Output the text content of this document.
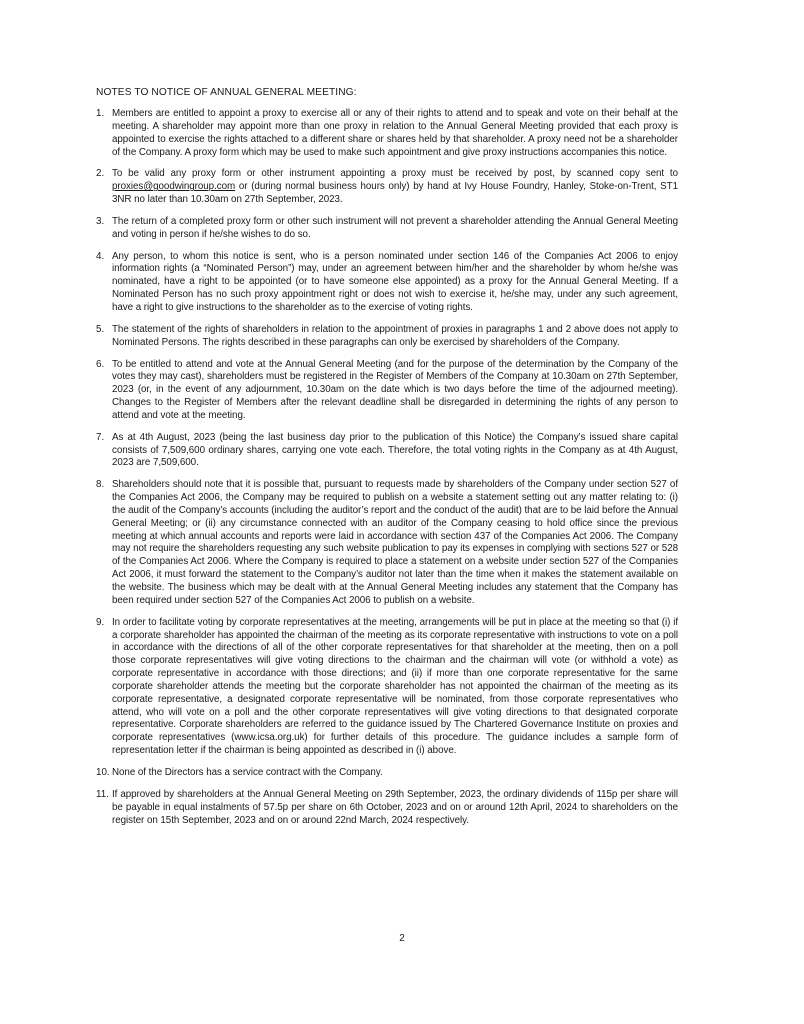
NOTES TO NOTICE OF ANNUAL GENERAL MEETING:

1. Members are entitled to appoint a proxy to exercise all or any of their rights to attend and to speak and vote on their behalf at the meeting. A shareholder may appoint more than one proxy in relation to the Annual General Meeting provided that each proxy is appointed to exercise the rights attached to a different share or shares held by that shareholder. A proxy need not be a shareholder of the Company. A proxy form which may be used to make such appointment and give proxy instructions accompanies this notice.
2. To be valid any proxy form or other instrument appointing a proxy must be received by post, by scanned copy sent to proxies@goodwingroup.com or (during normal business hours only) by hand at Ivy House Foundry, Hanley, Stoke-on-Trent, ST1 3NR no later than 10.30am on 27th September, 2023.
3. The return of a completed proxy form or other such instrument will not prevent a shareholder attending the Annual General Meeting and voting in person if he/she wishes to do so.
4. Any person, to whom this notice is sent, who is a person nominated under section 146 of the Companies Act 2006 to enjoy information rights (a “Nominated Person”) may, under an agreement between him/her and the shareholder by whom he/she was nominated, have a right to be appointed (or to have someone else appointed) as a proxy for the Annual General Meeting. If a Nominated Person has no such proxy appointment right or does not wish to exercise it, he/she may, under any such agreement, have a right to give instructions to the shareholder as to the exercise of voting rights.
5. The statement of the rights of shareholders in relation to the appointment of proxies in paragraphs 1 and 2 above does not apply to Nominated Persons. The rights described in these paragraphs can only be exercised by shareholders of the Company.
6. To be entitled to attend and vote at the Annual General Meeting (and for the purpose of the determination by the Company of the votes they may cast), shareholders must be registered in the Register of Members of the Company at 10.30am on 27th September, 2023 (or, in the event of any adjournment, 10.30am on the date which is two days before the time of the adjourned meeting). Changes to the Register of Members after the relevant deadline shall be disregarded in determining the rights of any person to attend and vote at the meeting.
7. As at 4th August, 2023 (being the last business day prior to the publication of this Notice) the Company’s issued share capital consists of 7,509,600 ordinary shares, carrying one vote each. Therefore, the total voting rights in the Company as at 4th August, 2023 are 7,509,600.
8. Shareholders should note that it is possible that, pursuant to requests made by shareholders of the Company under section 527 of the Companies Act 2006, the Company may be required to publish on a website a statement setting out any matter relating to: (i) the audit of the Company’s accounts (including the auditor’s report and the conduct of the audit) that are to be laid before the Annual General Meeting; or (ii) any circumstance connected with an auditor of the Company ceasing to hold office since the previous meeting at which annual accounts and reports were laid in accordance with section 437 of the Companies Act 2006. The Company may not require the shareholders requesting any such website publication to pay its expenses in complying with sections 527 or 528 of the Companies Act 2006. Where the Company is required to place a statement on a website under section 527 of the Companies Act 2006, it must forward the statement to the Company’s auditor not later than the time when it makes the statement available on the website. The business which may be dealt with at the Annual General Meeting includes any statement that the Company has been required under section 527 of the Companies Act 2006 to publish on a website.
9. In order to facilitate voting by corporate representatives at the meeting, arrangements will be put in place at the meeting so that (i) if a corporate shareholder has appointed the chairman of the meeting as its corporate representative with instructions to vote on a poll in accordance with the directions of all of the other corporate representatives for that shareholder at the meeting, then on a poll those corporate representatives will give voting directions to the chairman and the chairman will vote (or withhold a vote) as corporate representative in accordance with those directions; and (ii) if more than one corporate representative for the same corporate shareholder attends the meeting but the corporate shareholder has not appointed the chairman of the meeting as its corporate representative, a designated corporate representative will be nominated, from those corporate representatives who attend, who will vote on a poll and the other corporate representatives will give voting directions to that designated corporate representative. Corporate shareholders are referred to the guidance issued by The Chartered Governance Institute on proxies and corporate representatives (www.icsa.org.uk) for further details of this procedure. The guidance includes a sample form of representation letter if the chairman is being appointed as described in (i) above.
10. None of the Directors has a service contract with the Company.
11. If approved by shareholders at the Annual General Meeting on 29th September, 2023, the ordinary dividends of 115p per share will be payable in equal instalments of 57.5p per share on 6th October, 2023 and on or around 12th April, 2024 to shareholders on the register on 15th September, 2023 and on or around 22nd March, 2024 respectively.
2
